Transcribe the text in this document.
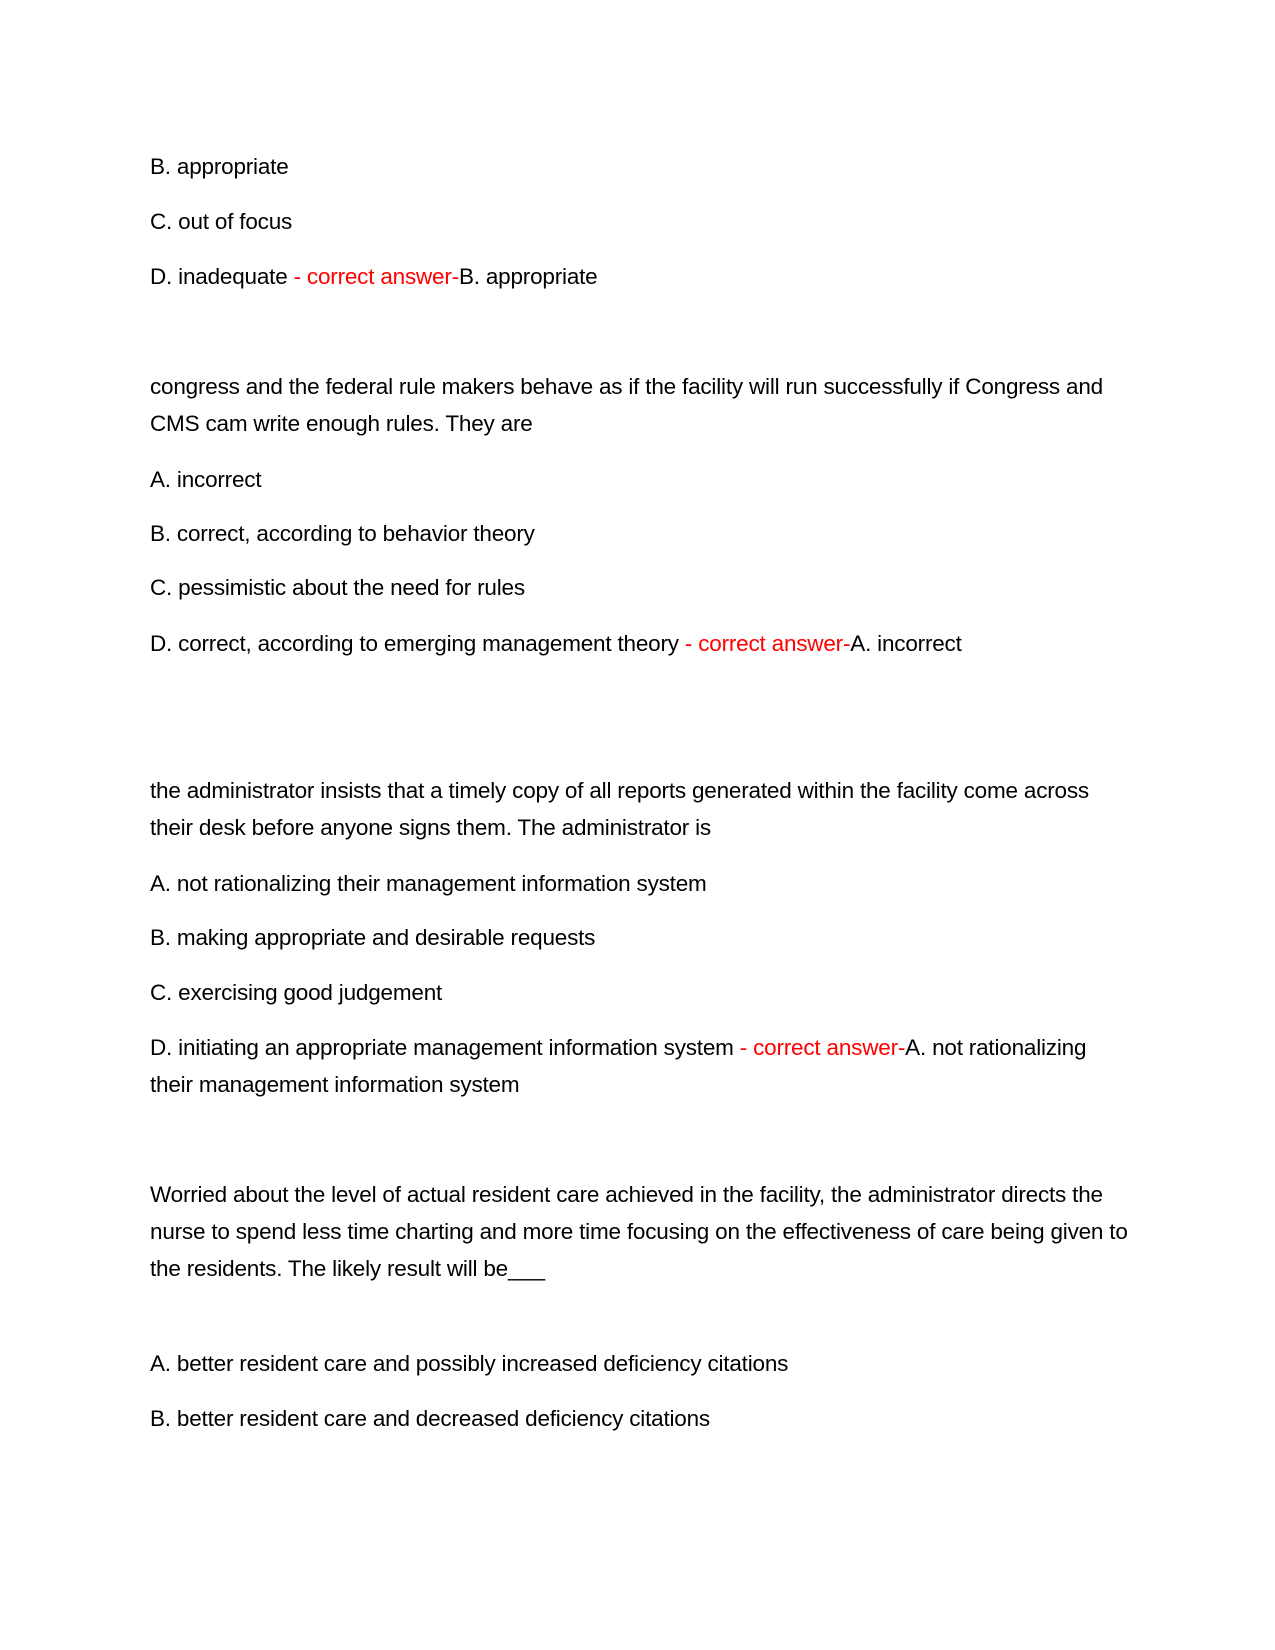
B. appropriate
C. out of focus
D. inadequate - correct answer-B. appropriate
congress and the federal rule makers behave as if the facility will run successfully if Congress and CMS cam write enough rules. They are
A. incorrect
B. correct, according to behavior theory
C. pessimistic about the need for rules
D. correct, according to emerging management theory - correct answer-A. incorrect
the administrator insists that a timely copy of all reports generated within the facility come across their desk before anyone signs them. The administrator is
A. not rationalizing their management information system
B. making appropriate and desirable requests
C. exercising good judgement
D. initiating an appropriate management information system - correct answer-A. not rationalizing their management information system
Worried about the level of actual resident care achieved in the facility, the administrator directs the nurse to spend less time charting and more time focusing on the effectiveness of care being given to the residents. The likely result will be___
A. better resident care and possibly increased deficiency citations
B. better resident care and decreased deficiency citations
